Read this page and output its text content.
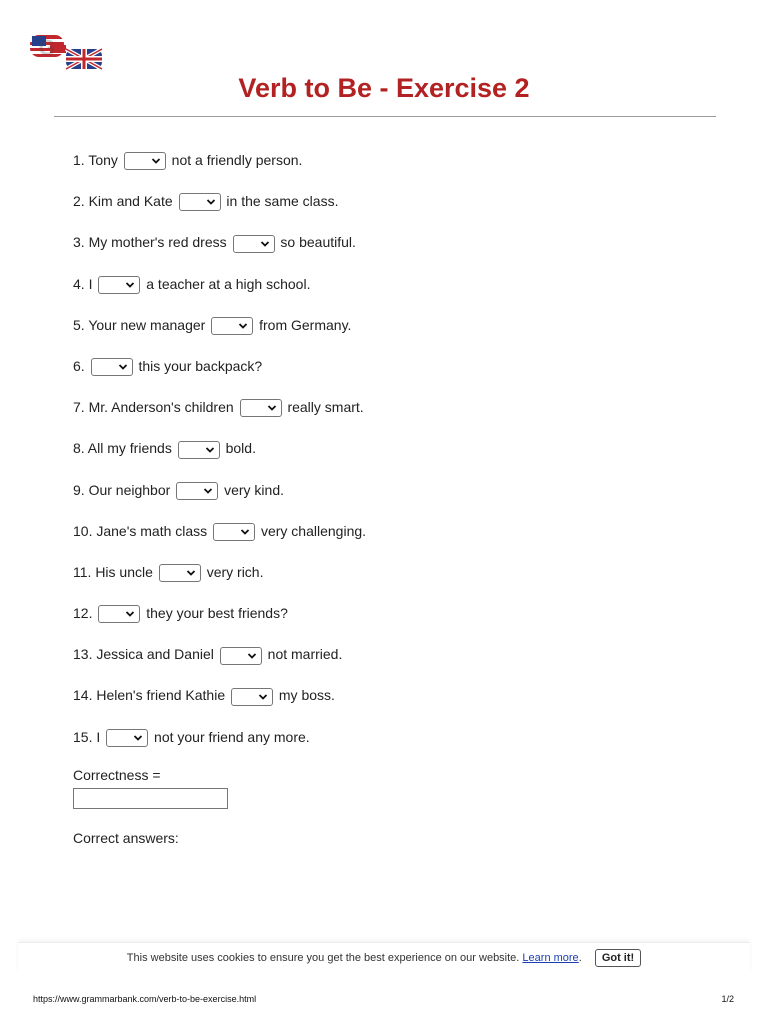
G
Verb to Be - Exercise 2
1. Tony	not a friendly person.
2. Kim and Kate	in the same class.
3. My mother's red dress	so beautiful.
4. I	a teacher at a high school.
5. Your new manager	from Germany.
6.	this your backpack?
7. Mr. Anderson's children	really smart.
8. All my friends	bold.
9. Our neighbor	very kind.
10. Jane's math class	very challenging.
11. His uncle	very rich.
12.	they your best friends?
13. Jessica and Daniel	not married.
14. Helen's friend Kathie	my boss.
15. I	not your friend any more.
Correctness =
Correct answers:
This website uses cookies to ensure you get the best experience on our website. Learn more. Got it!
https://www.grammarbank.com/verb-to-be-exercise.html	1/2
